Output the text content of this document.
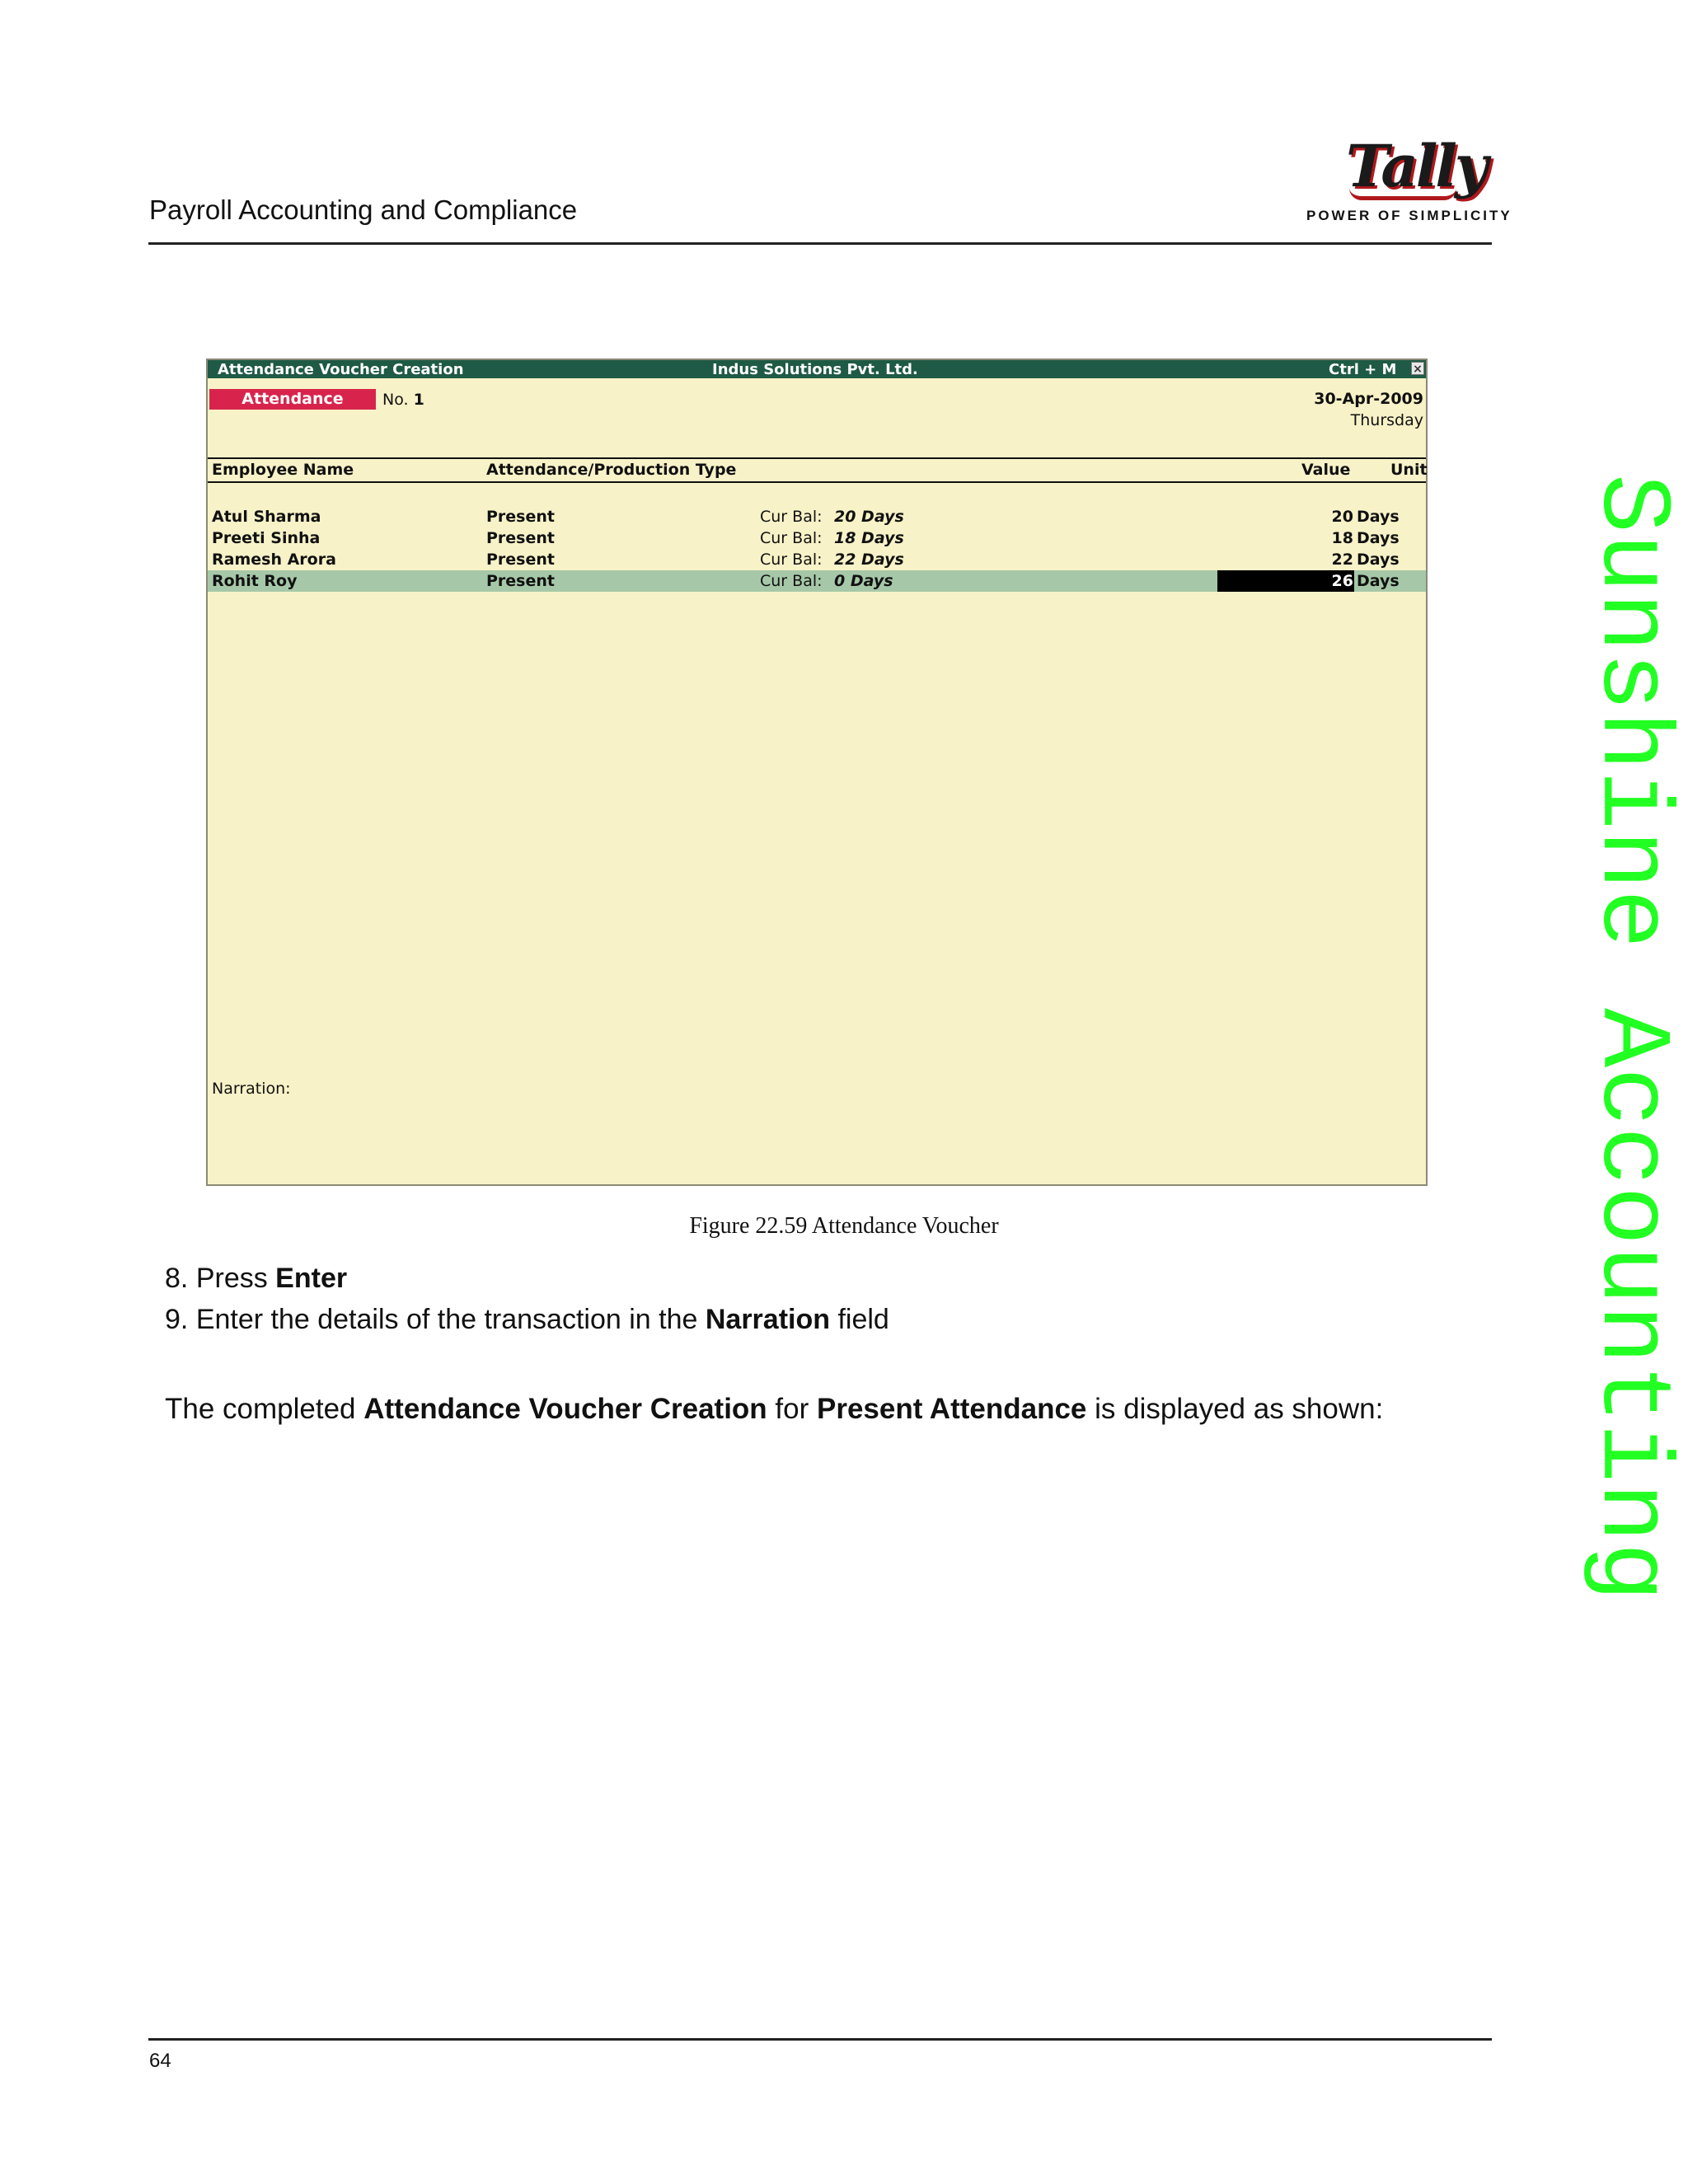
Payroll Accounting and Compliance
Tally
POWER OF SIMPLICITY
Sunshine Accounting
Attendance Voucher Creation	Indus Solutions Pvt. Ltd.	Ctrl + M ×
Attendance	No. 1	30-Apr-2009
Thursday
Employee Name	Attendance/Production Type	Value	Unit
Atul Sharma	Present	Cur Bal: 20 Days	20 Days
Preeti Sinha	Present	Cur Bal: 18 Days	18 Days
Ramesh Arora	Present	Cur Bal: 22 Days	22 Days
Rohit Roy	Present	Cur Bal: 0 Days	26 Days
Narration:
Figure 22.59 Attendance Voucher
8. Press Enter
9. Enter the details of the transaction in the Narration field
The completed Attendance Voucher Creation for Present Attendance is displayed as shown:
64
